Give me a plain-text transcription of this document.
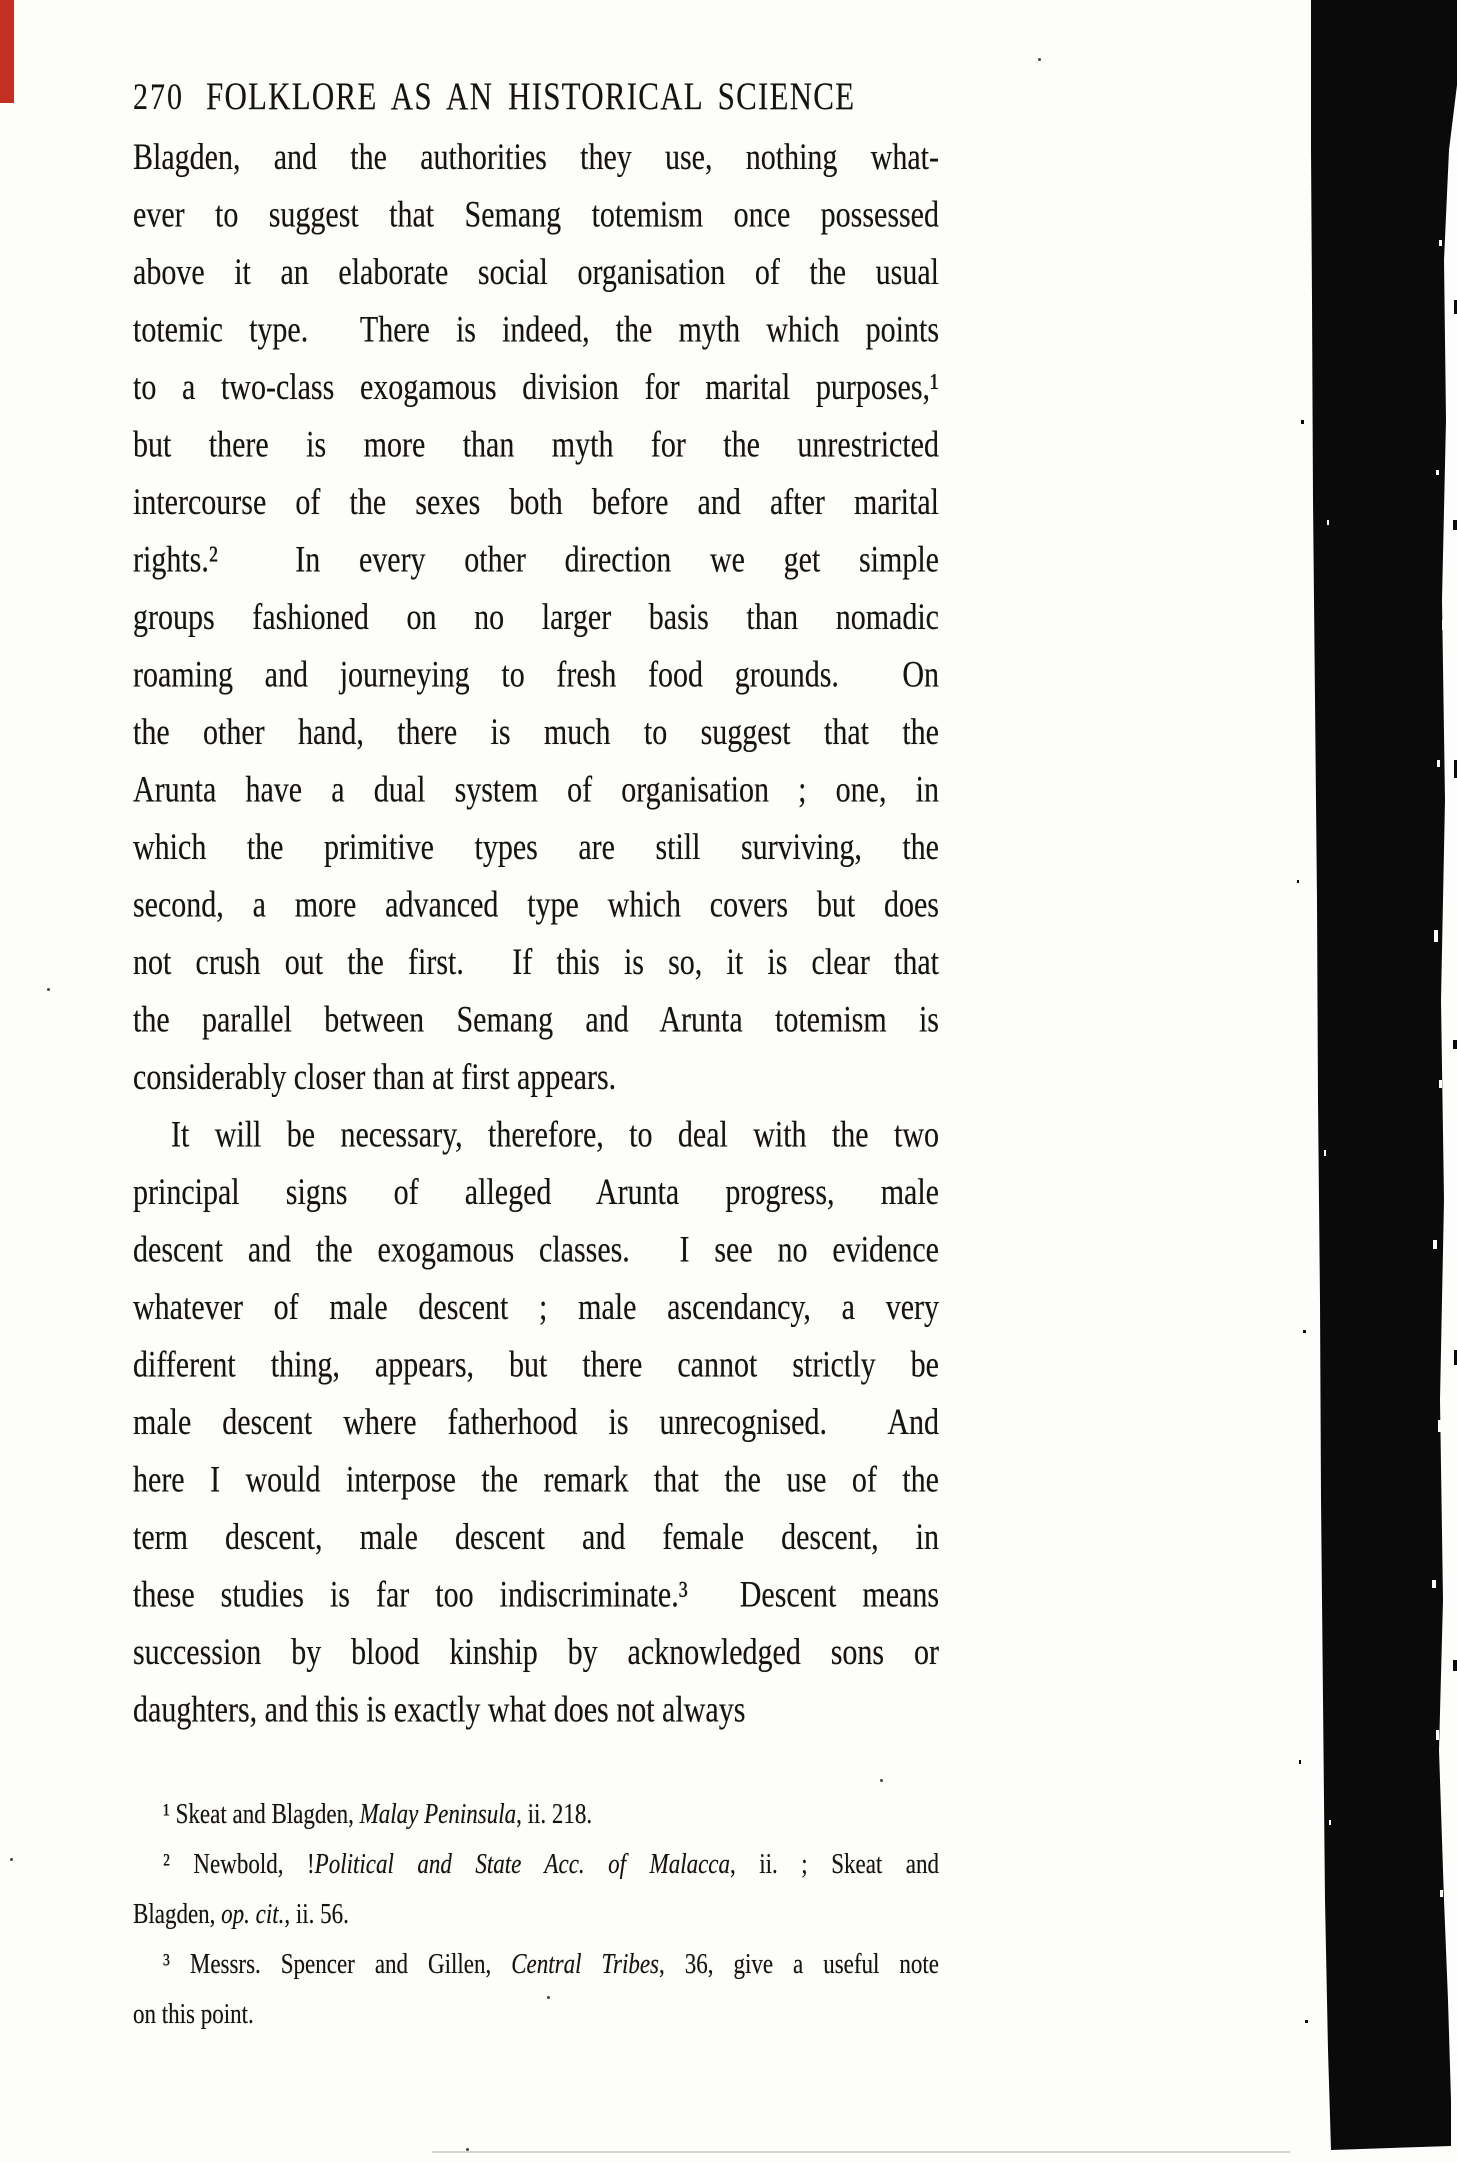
270 FOLKLORE AS AN HISTORICAL SCIENCE
Blagden, and the authorities they use, nothing what-
ever to suggest that Semang totemism once possessed
above it an elaborate social organisation of the usual
totemic type.  There is indeed, the myth which points
to a two-class exogamous division for marital purposes,¹
but there is more than myth for the unrestricted
intercourse of the sexes both before and after marital
rights.²  In every other direction we get simple
groups fashioned on no larger basis than nomadic
roaming and journeying to fresh food grounds.  On
the other hand, there is much to suggest that the
Arunta have a dual system of organisation ; one, in
which the primitive types are still surviving, the
second, a more advanced type which covers but does
not crush out the first.  If this is so, it is clear that
the parallel between Semang and Arunta totemism is
considerably closer than at first appears.
It will be necessary, therefore, to deal with the two
principal signs of alleged Arunta progress, male
descent and the exogamous classes.  I see no evidence
whatever of male descent ; male ascendancy, a very
different thing, appears, but there cannot strictly be
male descent where fatherhood is unrecognised.  And
here I would interpose the remark that the use of the
term descent, male descent and female descent, in
these studies is far too indiscriminate.³  Descent means
succession by blood kinship by acknowledged sons or
daughters, and this is exactly what does not always
¹ Skeat and Blagden, Malay Peninsula, ii. 218.
² Newbold, !Political and State Acc. of Malacca, ii. ; Skeat and
Blagden, op. cit., ii. 56.
³ Messrs. Spencer and Gillen, Central Tribes, 36, give a useful note
on this point.
